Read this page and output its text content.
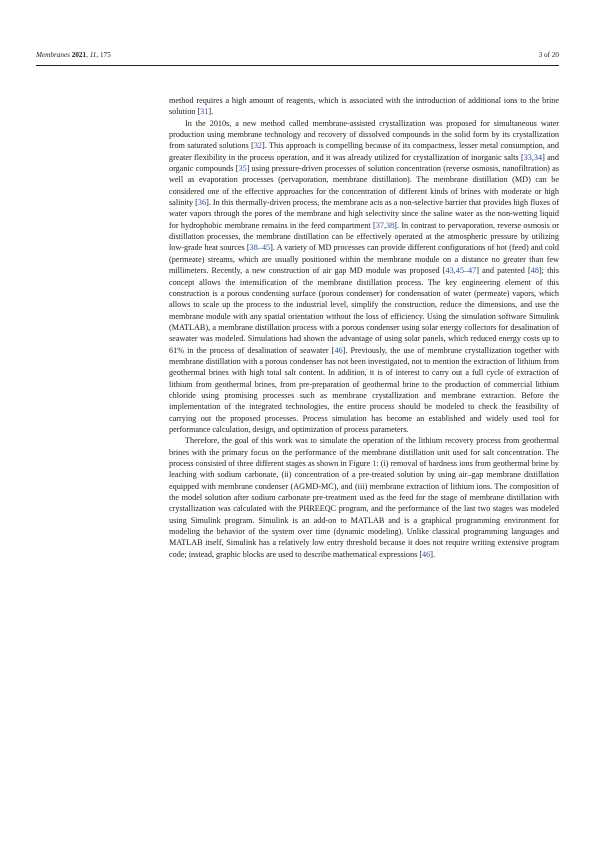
Membranes 2021, 11, 175	3 of 20

method requires a high amount of reagents, which is associated with the introduction of additional ions to the brine solution [31].

In the 2010s, a new method called membrane-assisted crystallization was proposed for simultaneous water production using membrane technology and recovery of dissolved compounds in the solid form by its crystallization from saturated solutions [32]. This approach is compelling because of its compactness, lesser metal consumption, and greater flexibility in the process operation, and it was already utilized for crystallization of inorganic salts [33,34] and organic compounds [35] using pressure-driven processes of solution concentration (reverse osmosis, nanofiltration) as well as evaporation processes (pervaporation, membrane distillation). The membrane distillation (MD) can be considered one of the effective approaches for the concentration of different kinds of brines with moderate or high salinity [36]. In this thermally-driven process, the membrane acts as a non-selective barrier that provides high fluxes of water vapors through the pores of the membrane and high selectivity since the saline water as the non-wetting liquid for hydrophobic membrane remains in the feed compartment [37,38]. In contrast to pervaporation, reverse osmosis or distillation processes, the membrane distillation can be effectively operated at the atmospheric pressure by utilizing low-grade heat sources [38–45]. A variety of MD processes can provide different configurations of hot (feed) and cold (permeate) streams, which are usually positioned within the membrane module on a distance no greater than few millimeters. Recently, a new construction of air gap MD module was proposed [43,45–47] and patented [48]; this concept allows the intensification of the membrane distillation process. The key engineering element of this construction is a porous condensing surface (porous condenser) for condensation of water (permeate) vapors, which allows to scale up the process to the industrial level, simplify the construction, reduce the dimensions, and use the membrane module with any spatial orientation without the loss of efficiency. Using the simulation software Simulink (MATLAB), a membrane distillation process with a porous condenser using solar energy collectors for desalination of seawater was modeled. Simulations had shown the advantage of using solar panels, which reduced energy costs up to 61% in the process of desalination of seawater [46]. Previously, the use of membrane crystallization together with membrane distillation with a porous condenser has not been investigated, not to mention the extraction of lithium from geothermal brines with high total salt content. In addition, it is of interest to carry out a full cycle of extraction of lithium from geothermal brines, from pre-preparation of geothermal brine to the production of commercial lithium chloride using promising processes such as membrane crystallization and membrane extraction. Before the implementation of the integrated technologies, the entire process should be modeled to check the feasibility of carrying out the proposed processes. Process simulation has become an established and widely used tool for performance calculation, design, and optimization of process parameters.

Therefore, the goal of this work was to simulate the operation of the lithium recovery process from geothermal brines with the primary focus on the performance of the membrane distillation unit used for salt concentration. The process consisted of three different stages as shown in Figure 1: (i) removal of hardness ions from geothermal brine by leaching with sodium carbonate, (ii) concentration of a pre-treated solution by using air–gap membrane distillation equipped with membrane condenser (AGMD-MC), and (iii) membrane extraction of lithium ions. The composition of the model solution after sodium carbonate pre-treatment used as the feed for the stage of membrane distillation with crystallization was calculated with the PHREEQC program, and the performance of the last two stages was modeled using Simulink program. Simulink is an add-on to MATLAB and is a graphical programming environment for modeling the behavior of the system over time (dynamic modeling). Unlike classical programming languages and MATLAB itself, Simulink has a relatively low entry threshold because it does not require writing extensive program code; instead, graphic blocks are used to describe mathematical expressions [46].
